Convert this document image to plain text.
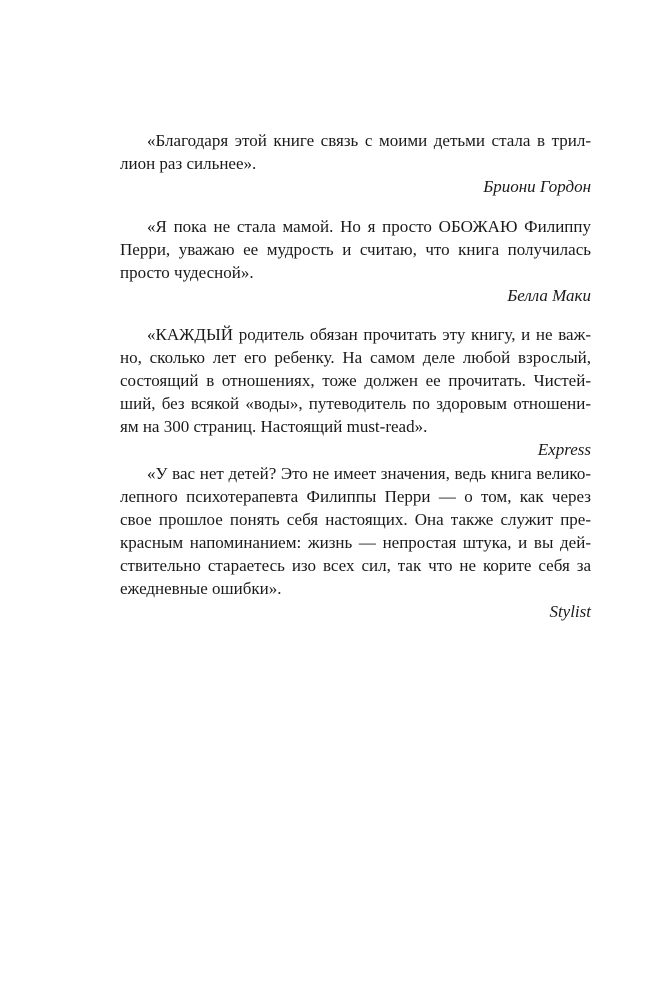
«Благодаря этой книге связь с моими детьми стала в трил-
лион раз сильнее».
Бриони Гордон
«Я пока не стала мамой. Но я просто ОБОЖАЮ Филиппу
Перри, уважаю ее мудрость и считаю, что книга получилась
просто чудесной».
Белла Маки
«КАЖДЫЙ родитель обязан прочитать эту книгу, и не важ-
но, сколько лет его ребенку. На самом деле любой взрослый,
состоящий в отношениях, тоже должен ее прочитать. Чистей-
ший, без всякой «воды», путеводитель по здоровым отношени-
ям на 300 страниц. Настоящий must-read».
Express
«У вас нет детей? Это не имеет значения, ведь книга велико-
лепного психотерапевта Филиппы Перри — о том, как через
свое прошлое понять себя настоящих. Она также служит пре-
красным напоминанием: жизнь — непростая штука, и вы дей-
ствительно стараетесь изо всех сил, так что не корите себя за
ежедневные ошибки».
Stylist
